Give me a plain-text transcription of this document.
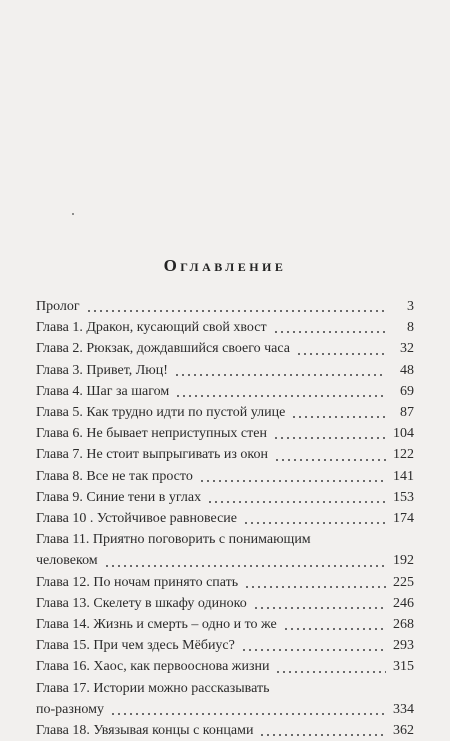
Оглавление
Пролог	3
Глава 1. Дракон, кусающий свой хвост	8
Глава 2. Рюкзак, дождавшийся своего часа	32
Глава 3. Привет, Люц!	48
Глава 4. Шаг за шагом	69
Глава 5. Как трудно идти по пустой улице	87
Глава 6. Не бывает неприступных стен	104
Глава 7. Не стоит выпрыгивать из окон	122
Глава 8. Все не так просто	141
Глава 9. Синие тени в углах	153
Глава 10 . Устойчивое равновесие	174
Глава 11. Приятно поговорить с понимающим
человеком	192
Глава 12. По ночам принято спать	225
Глава 13. Скелету в шкафу одиноко	246
Глава 14. Жизнь и смерть – одно и то же	268
Глава 15. При чем здесь Мёбиус?	293
Глава 16. Хаос, как первооснова жизни	315
Глава 17. Истории можно рассказывать
по-разному	334
Глава 18. Увязывая концы с концами	362
